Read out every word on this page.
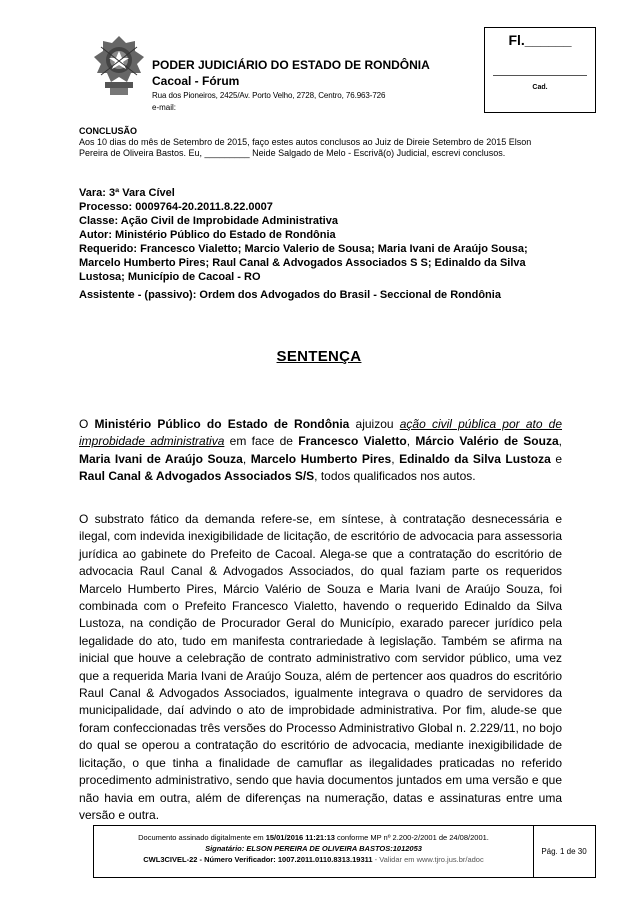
PODER JUDICIÁRIO DO ESTADO DE RONDÔNIA
Cacoal - Fórum
Rua dos Pioneiros, 2425/Av. Porto Velho, 2728, Centro, 76.963-726
e-mail:
Fl.______
Cad.
CONCLUSÃO
Aos 10 dias do mês de Setembro de 2015, faço estes autos conclusos ao Juiz de Direie Setembro de 2015 Elson Pereira de Oliveira Bastos. Eu, _________ Neide Salgado de Melo - Escrivã(o) Judicial, escrevi conclusos.
Vara: 3ª Vara Cível
Processo: 0009764-20.2011.8.22.0007
Classe: Ação Civil de Improbidade Administrativa
Autor: Ministério Público do Estado de Rondônia
Requerido: Francesco Vialetto; Marcio Valerio de Sousa; Maria Ivani de Araújo Sousa; Marcelo Humberto Pires; Raul Canal & Advogados Associados S S; Edinaldo da Silva Lustosa; Município de Cacoal - RO
Assistente - (passivo): Ordem dos Advogados do Brasil - Seccional de Rondônia
SENTENÇA
O Ministério Público do Estado de Rondônia ajuizou ação civil pública por ato de improbidade administrativa em face de Francesco Vialetto, Márcio Valério de Souza, Maria Ivani de Araújo Souza, Marcelo Humberto Pires, Edinaldo da Silva Lustoza e Raul Canal & Advogados Associados S/S, todos qualificados nos autos.
O substrato fático da demanda refere-se, em síntese, à contratação desnecessária e ilegal, com indevida inexigibilidade de licitação, de escritório de advocacia para assessoria jurídica ao gabinete do Prefeito de Cacoal. Alega-se que a contratação do escritório de advocacia Raul Canal & Advogados Associados, do qual faziam parte os requeridos Marcelo Humberto Pires, Márcio Valério de Souza e Maria Ivani de Araújo Souza, foi combinada com o Prefeito Francesco Vialetto, havendo o requerido Edinaldo da Silva Lustoza, na condição de Procurador Geral do Município, exarado parecer jurídico pela legalidade do ato, tudo em manifesta contrariedade à legislação. Também se afirma na inicial que houve a celebração de contrato administrativo com servidor público, uma vez que a requerida Maria Ivani de Araújo Souza, além de pertencer aos quadros do escritório Raul Canal & Advogados Associados, igualmente integrava o quadro de servidores da municipalidade, daí advindo o ato de improbidade administrativa. Por fim, alude-se que foram confeccionadas três versões do Processo Administrativo Global n. 2.229/11, no bojo do qual se operou a contratação do escritório de advocacia, mediante inexigibilidade de licitação, o que tinha a finalidade de camuflar as ilegalidades praticadas no referido procedimento administrativo, sendo que havia documentos juntados em uma versão e que não havia em outra, além de diferenças na numeração, datas e assinaturas entre uma versão e outra.
Documento assinado digitalmente em 15/01/2016 11:21:13 conforme MP nº 2.200-2/2001 de 24/08/2001.
Signatário: ELSON PEREIRA DE OLIVEIRA BASTOS:1012053
CWL3CIVEL-22 - Número Verificador: 1007.2011.0110.8313.19311 - Validar em www.tjro.jus.br/adoc
Pág. 1 de 30
